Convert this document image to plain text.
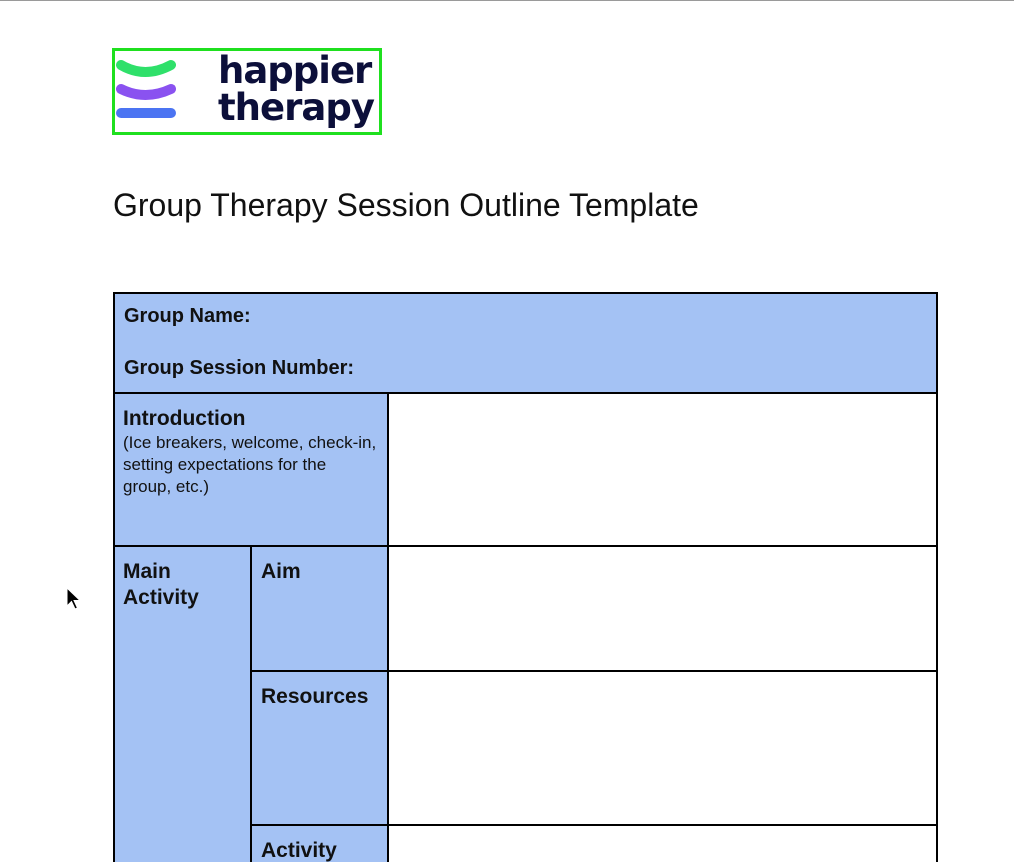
happier
therapy
Group Therapy Session Outline Template
Group Name:
Group Session Number:		

Introduction
(Ice breakers, welcome, check-in, setting expectations for the group, etc.)		

Main Activity	Aim	

	Resources	

	Activity	
